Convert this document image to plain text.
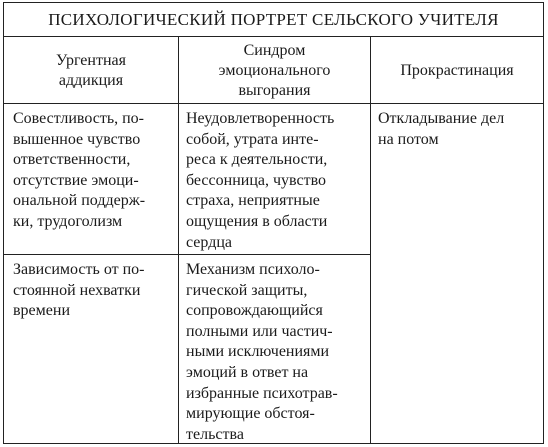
ПСИХОЛОГИЧЕСКИЙ ПОРТРЕТ СЕЛЬСКОГО УЧИТЕЛЯ
Ургентная
аддикция
Синдром
эмоционального
выгорания
Прокрастинация
Совестливость, по-
вышенное чувство
ответственности,
отсутствие эмоци-
ональной поддерж-
ки, трудоголизм
Неудовлетворенность
собой, утрата инте-
реса к деятельности,
бессонница, чувство
страха, неприятные
ощущения в области
сердца
Откладывание дел
на потом
Зависимость от по-
стоянной нехватки
времени
Механизм психоло-
гической защиты,
сопровождающийся
полными или частич-
ными исключениями
эмоций в ответ на
избранные психотрав-
мирующие обстоя-
тельства
